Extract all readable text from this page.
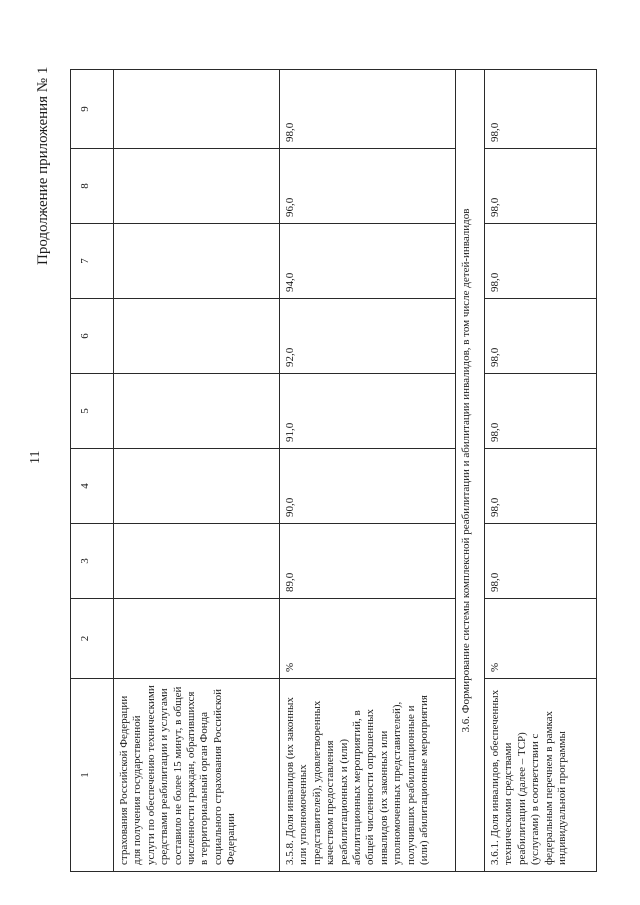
11
Продолжение приложения № 1
1	2	3	4	5	6	7	8	9
страхования Российской Федерации для получения государственной услуги по обеспечению техническими средствами реабилитации и услугами составило не более 15 минут, в общей численности граждан, обратившихся в территориальный орган Фонда социального страхования Российской Федерации								
3.5.8. Доля инвалидов (их законных или уполномоченных представителей), удовлетворенных качеством предоставления реабилитационных и (или) абилитационных мероприятий, в общей численности опрошенных инвалидов (их законных или уполномоченных представителей), получивших реабилитационные и (или) абилитационные мероприятия	%	89,0	90,0	91,0	92,0	94,0	96,0	98,0
3.6. Формирование системы комплексной реабилитации и абилитации инвалидов, в том числе детей-инвалидов								
3.6.1. Доля инвалидов, обеспеченных техническими средствами реабилитации (далее – ТСР) (услугами) в соответствии с федеральным перечнем в рамках индивидуальной программы	%	98,0	98,0	98,0	98,0	98,0	98,0	98,0
